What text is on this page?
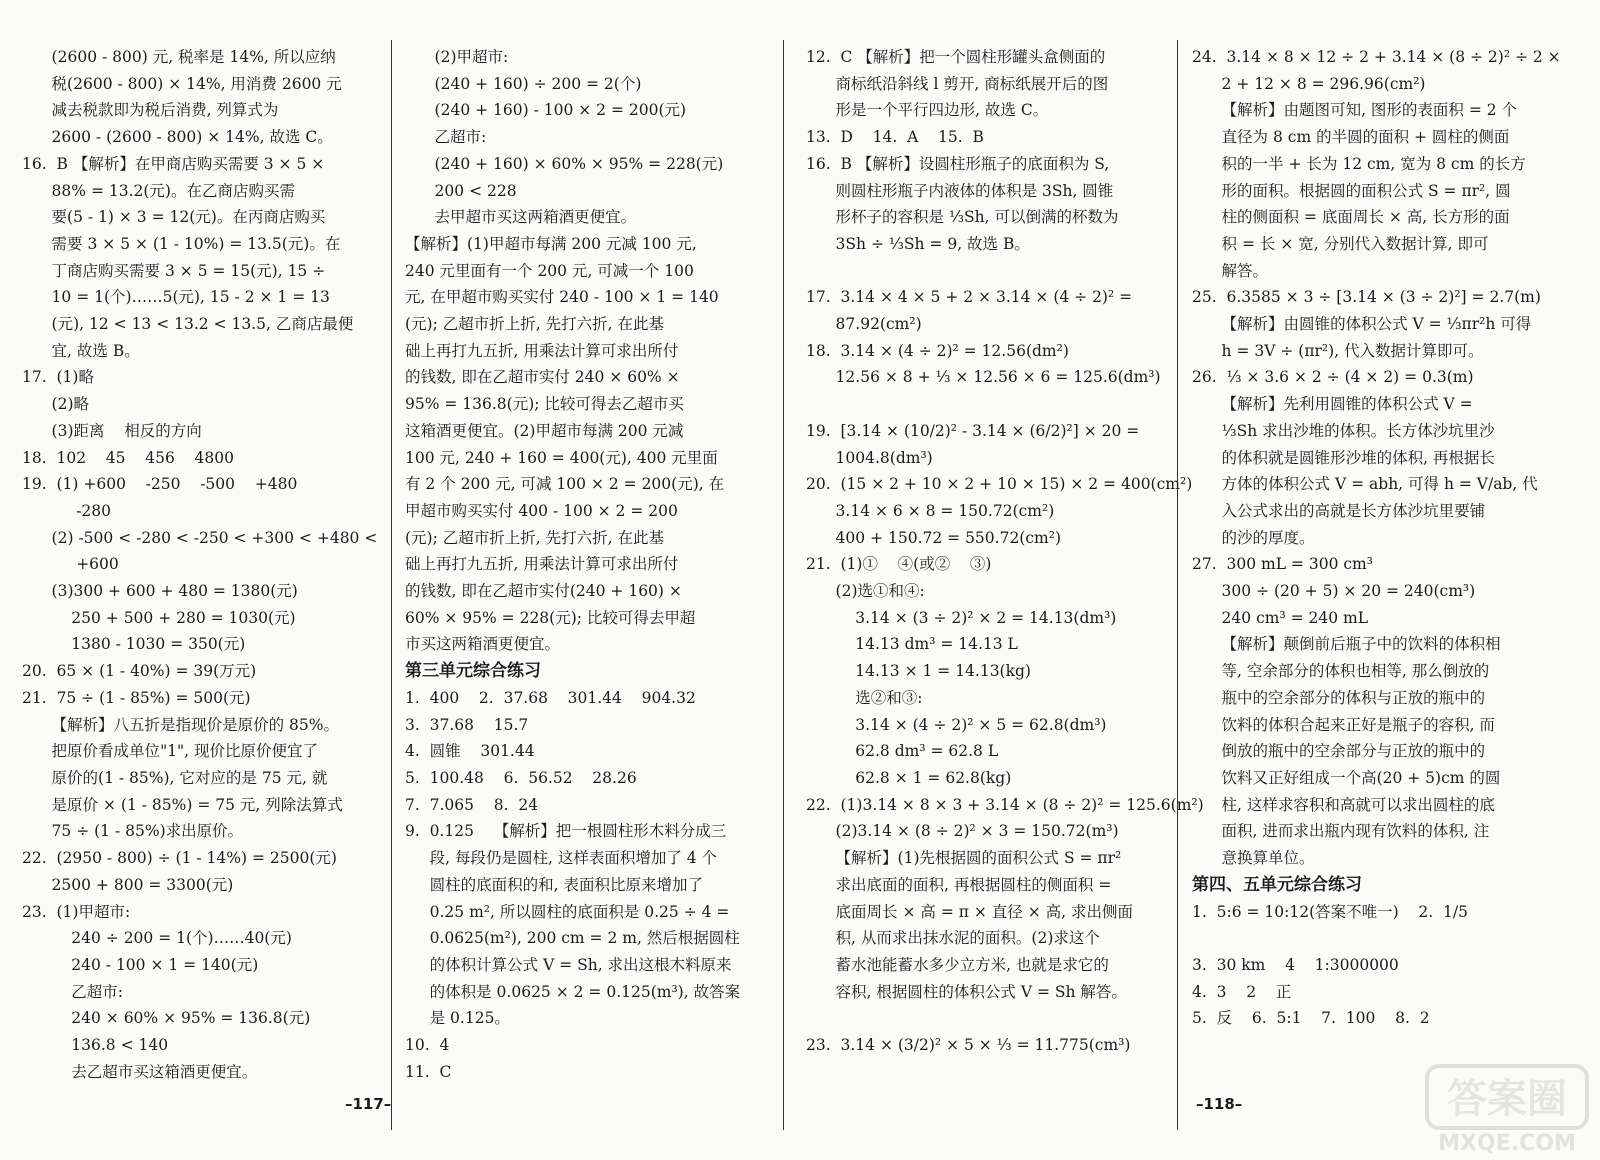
(2600 - 800) 元, 税率是 14%, 所以应纳
税(2600 - 800) × 14%, 用消费 2600 元
减去税款即为税后消费, 列算式为
2600 - (2600 - 800) × 14%, 故选 C。
16.  B 【解析】在甲商店购买需要 3 × 5 ×
88% = 13.2(元)。在乙商店购买需
要(5 - 1) × 3 = 12(元)。在丙商店购买
需要 3 × 5 × (1 - 10%) = 13.5(元)。在
丁商店购买需要 3 × 5 = 15(元), 15 ÷
10 = 1(个)……5(元), 15 - 2 × 1 = 13
(元), 12 < 13 < 13.2 < 13.5, 乙商店最便
宜, 故选 B。
17.  (1)略
(2)略
(3)距离    相反的方向
18.  102    45    456    4800
19.  (1) +600    -250    -500    +480
-280
(2) -500 < -280 < -250 < +300 < +480 <
+600
(3)300 + 600 + 480 = 1380(元)
250 + 500 + 280 = 1030(元)
1380 - 1030 = 350(元)
20.  65 × (1 - 40%) = 39(万元)
21.  75 ÷ (1 - 85%) = 500(元)
【解析】八五折是指现价是原价的 85%。
把原价看成单位"1", 现价比原价便宜了
原价的(1 - 85%), 它对应的是 75 元, 就
是原价 × (1 - 85%) = 75 元, 列除法算式
75 ÷ (1 - 85%)求出原价。
22.  (2950 - 800) ÷ (1 - 14%) = 2500(元)
2500 + 800 = 3300(元)
23.  (1)甲超市:
240 ÷ 200 = 1(个)……40(元)
240 - 100 × 1 = 140(元)
乙超市:
240 × 60% × 95% = 136.8(元)
136.8 < 140
去乙超市买这箱酒更便宜。
(2)甲超市:
(240 + 160) ÷ 200 = 2(个)
(240 + 160) - 100 × 2 = 200(元)
乙超市:
(240 + 160) × 60% × 95% = 228(元)
200 < 228
去甲超市买这两箱酒更便宜。
【解析】(1)甲超市每满 200 元减 100 元,
240 元里面有一个 200 元, 可减一个 100
元, 在甲超市购买实付 240 - 100 × 1 = 140
(元); 乙超市折上折, 先打六折, 在此基
础上再打九五折, 用乘法计算可求出所付
的钱数, 即在乙超市实付 240 × 60% ×
95% = 136.8(元); 比较可得去乙超市买
这箱酒更便宜。(2)甲超市每满 200 元减
100 元, 240 + 160 = 400(元), 400 元里面
有 2 个 200 元, 可减 100 × 2 = 200(元), 在
甲超市购买实付 400 - 100 × 2 = 200
(元); 乙超市折上折, 先打六折, 在此基
础上再打九五折, 用乘法计算可求出所付
的钱数, 即在乙超市实付(240 + 160) ×
60% × 95% = 228(元); 比较可得去甲超
市买这两箱酒更便宜。
第三单元综合练习
1.  400    2.  37.68    301.44    904.32
3.  37.68    15.7
4.  圆锥    301.44
5.  100.48    6.  56.52    28.26
7.  7.065    8.  24
9.  0.125    【解析】把一根圆柱形木料分成三
段, 每段仍是圆柱, 这样表面积增加了 4 个
圆柱的底面积的和, 表面积比原来增加了
0.25 m², 所以圆柱的底面积是 0.25 ÷ 4 =
0.0625(m²), 200 cm = 2 m, 然后根据圆柱
的体积计算公式 V = Sh, 求出这根木料原来
的体积是 0.0625 × 2 = 0.125(m³), 故答案
是 0.125。
10.  4
11.  C
12.  C 【解析】把一个圆柱形罐头盒侧面的
商标纸沿斜线 l 剪开, 商标纸展开后的图
形是一个平行四边形, 故选 C。
13.  D    14.  A    15.  B
16.  B 【解析】设圆柱形瓶子的底面积为 S,
则圆柱形瓶子内液体的体积是 3Sh, 圆锥
形杯子的容积是 ⅓Sh, 可以倒满的杯数为
3Sh ÷ ⅓Sh = 9, 故选 B。

17.  3.14 × 4 × 5 + 2 × 3.14 × (4 ÷ 2)² =
87.92(cm²)
18.  3.14 × (4 ÷ 2)² = 12.56(dm²)
12.56 × 8 + ⅓ × 12.56 × 6 = 125.6(dm³)

19.  [3.14 × (10/2)² - 3.14 × (6/2)²] × 20 =
1004.8(dm³)
20.  (15 × 2 + 10 × 2 + 10 × 15) × 2 = 400(cm²)
3.14 × 6 × 8 = 150.72(cm²)
400 + 150.72 = 550.72(cm²)
21.  (1)①    ④(或②    ③)
(2)选①和④:
3.14 × (3 ÷ 2)² × 2 = 14.13(dm³)
14.13 dm³ = 14.13 L
14.13 × 1 = 14.13(kg)
选②和③:
3.14 × (4 ÷ 2)² × 5 = 62.8(dm³)
62.8 dm³ = 62.8 L
62.8 × 1 = 62.8(kg)
22.  (1)3.14 × 8 × 3 + 3.14 × (8 ÷ 2)² = 125.6(m²)
(2)3.14 × (8 ÷ 2)² × 3 = 150.72(m³)
【解析】(1)先根据圆的面积公式 S = πr²
求出底面的面积, 再根据圆柱的侧面积 =
底面周长 × 高 = π × 直径 × 高, 求出侧面
积, 从而求出抹水泥的面积。(2)求这个
蓄水池能蓄水多少立方米, 也就是求它的
容积, 根据圆柱的体积公式 V = Sh 解答。

23.  3.14 × (3/2)² × 5 × ⅓ = 11.775(cm³)
24.  3.14 × 8 × 12 ÷ 2 + 3.14 × (8 ÷ 2)² ÷ 2 ×
2 + 12 × 8 = 296.96(cm²)
【解析】由题图可知, 图形的表面积 = 2 个
直径为 8 cm 的半圆的面积 + 圆柱的侧面
积的一半 + 长为 12 cm, 宽为 8 cm 的长方
形的面积。根据圆的面积公式 S = πr², 圆
柱的侧面积 = 底面周长 × 高, 长方形的面
积 = 长 × 宽, 分别代入数据计算, 即可
解答。
25.  6.3585 × 3 ÷ [3.14 × (3 ÷ 2)²] = 2.7(m)
【解析】由圆锥的体积公式 V = ⅓πr²h 可得
h = 3V ÷ (πr²), 代入数据计算即可。
26.  ⅓ × 3.6 × 2 ÷ (4 × 2) = 0.3(m)
【解析】先利用圆锥的体积公式 V =
⅓Sh 求出沙堆的体积。长方体沙坑里沙
的体积就是圆锥形沙堆的体积, 再根据长
方体的体积公式 V = abh, 可得 h = V/ab, 代
入公式求出的高就是长方体沙坑里要铺
的沙的厚度。
27.  300 mL = 300 cm³
300 ÷ (20 + 5) × 20 = 240(cm³)
240 cm³ = 240 mL
【解析】颠倒前后瓶子中的饮料的体积相
等, 空余部分的体积也相等, 那么倒放的
瓶中的空余部分的体积与正放的瓶中的
饮料的体积合起来正好是瓶子的容积, 而
倒放的瓶中的空余部分与正放的瓶中的
饮料又正好组成一个高(20 + 5)cm 的圆
柱, 这样求容积和高就可以求出圆柱的底
面积, 进而求出瓶内现有饮料的体积, 注
意换算单位。
第四、五单元综合练习
1.  5:6 = 10:12(答案不唯一)    2.  1/5

3.  30 km    4    1:3000000
4.  3    2    正
5.  反    6.  5:1    7.  100    8.  2
–117–	–118–	答案圈
MXQE.COM
